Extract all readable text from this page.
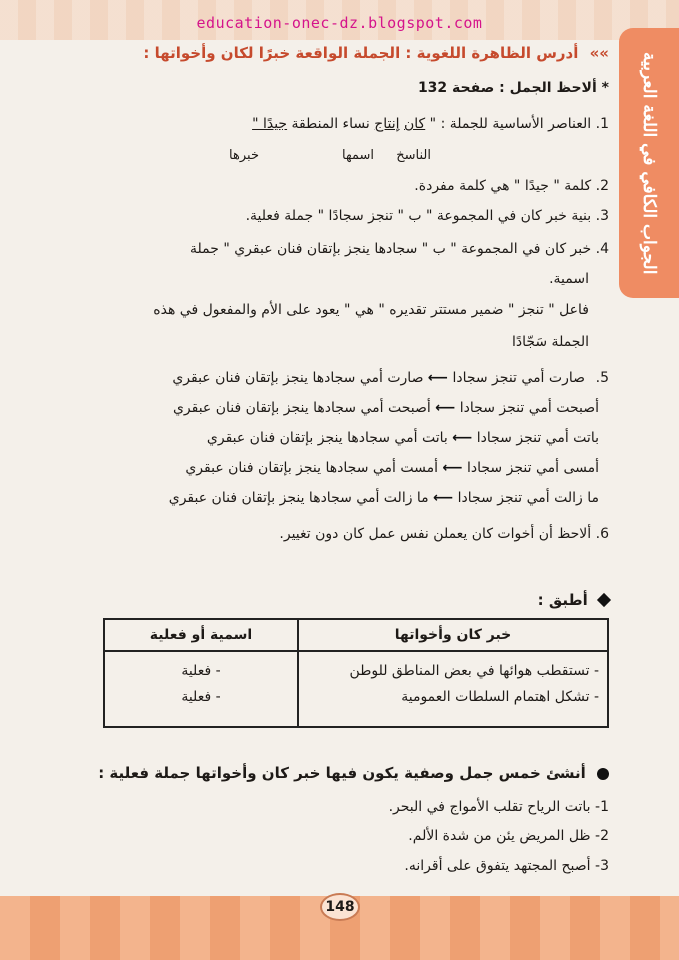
education-onec-dz.blogspot.com
الجواب الكافي في اللغة العربية
»» أدرس الظاهرة اللغوية : الجملة الواقعة خبرًا لكان وأخواتها :
* ألاحظ الجمل : صفحة 132
1. العناصر الأساسية للجملة : " كان إنتاج نساء المنطقة جيدًا "
الناسخ
اسمها
خبرها
2. كلمة " جيدًا " هي كلمة مفردة.
3. بنية خبر كان في المجموعة " ب " تنجز سجادًا " جملة فعلية.
4. خبر كان في المجموعة " ب " سجادها ينجز بإتقان فنان عبقري " جملة
اسمية.
فاعل " تنجز " ضمير مستتر تقديره " هي " يعود على الأم والمفعول في هذه
الجملة سَجّادًا
5.
صارت أمي تنجز سجادا ⟵ صارت أمي سجادها ينجز بإتقان فنان عبقري
أصبحت أمي تنجز سجادا ⟵ أصبحت أمي سجادها ينجز بإتقان فنان عبقري
باتت أمي تنجز سجادا ⟵ باتت أمي سجادها ينجز بإتقان فنان عبقري
أمسى أمي تنجز سجادا ⟵ أمست أمي سجادها ينجز بإتقان فنان عبقري
ما زالت أمي تنجز سجادا ⟵ ما زالت أمي سجادها ينجز بإتقان فنان عبقري
6. ألاحظ أن أخوات كان يعملن نفس عمل كان دون تغيير.
أطبق :
خبر كان وأخواتها	اسمية أو فعلية
- تستقطب هوائها في بعض المناطق للوطن	- فعلية
- تشكل اهتمام السلطات العمومية	- فعلية
أنشئ خمس جمل وصفية يكون فيها خبر كان وأخواتها جملة فعلية :
1- باتت الرياح تقلب الأمواج في البحر.
2- ظل المريض يئن من شدة الألم.
3- أصبح المجتهد يتفوق على أقرانه.
148
